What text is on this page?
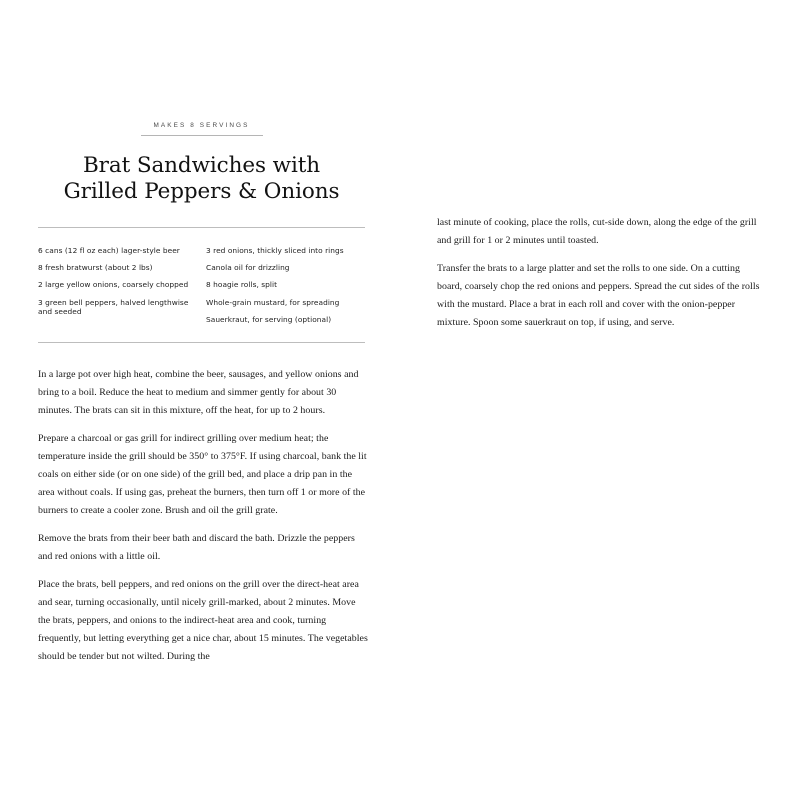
MAKES 8 SERVINGS
Brat Sandwiches with
Grilled Peppers & Onions
6 cans (12 fl oz each) lager-style beer
8 fresh bratwurst (about 2 lbs)
2 large yellow onions, coarsely chopped
3 green bell peppers, halved lengthwise and seeded
3 red onions, thickly sliced into rings
Canola oil for drizzling
8 hoagie rolls, split
Whole-grain mustard, for spreading
Sauerkraut, for serving (optional)

In a large pot over high heat, combine the beer, sausages, and yellow onions and bring to a boil. Reduce the heat to medium and simmer gently for about 30 minutes. The brats can sit in this mixture, off the heat, for up to 2 hours.

Prepare a charcoal or gas grill for indirect grilling over medium heat; the temperature inside the grill should be 350° to 375°F. If using charcoal, bank the lit coals on either side (or on one side) of the grill bed, and place a drip pan in the area without coals. If using gas, preheat the burners, then turn off 1 or more of the burners to create a cooler zone. Brush and oil the grill grate.

Remove the brats from their beer bath and discard the bath. Drizzle the peppers and red onions with a little oil.

Place the brats, bell peppers, and red onions on the grill over the direct-heat area and sear, turning occasionally, until nicely grill-marked, about 2 minutes. Move the brats, peppers, and onions to the indirect-heat area and cook, turning frequently, but letting everything get a nice char, about 15 minutes. The vegetables should be tender but not wilted. During the

last minute of cooking, place the rolls, cut-side down, along the edge of the grill and grill for 1 or 2 minutes until toasted.

Transfer the brats to a large platter and set the rolls to one side. On a cutting board, coarsely chop the red onions and peppers. Spread the cut sides of the rolls with the mustard. Place a brat in each roll and cover with the onion-pepper mixture. Spoon some sauerkraut on top, if using, and serve.
